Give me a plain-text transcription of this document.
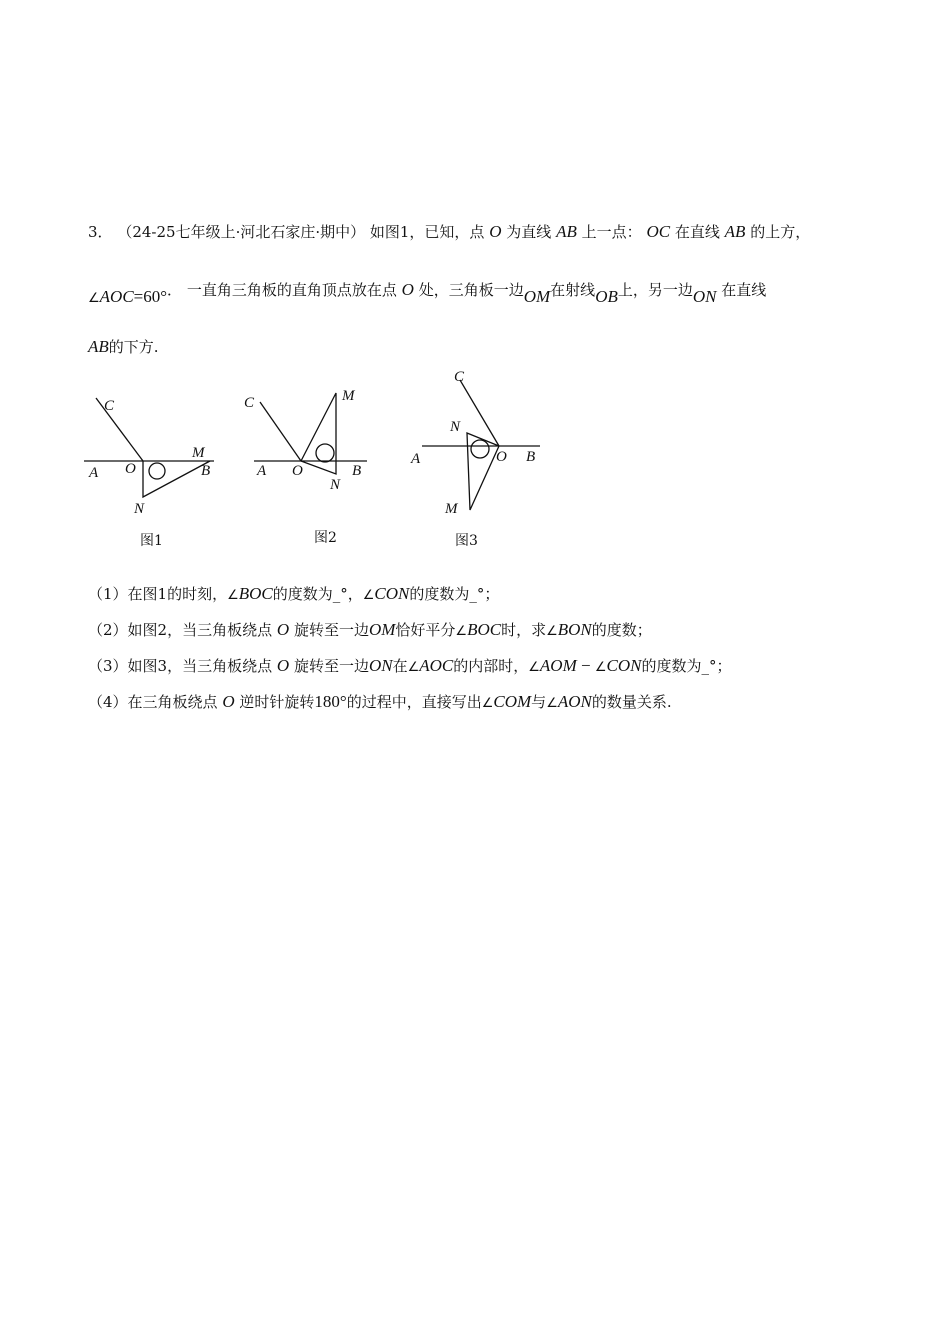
3． （24-25七年级上·河北石家庄·期中） 如图1，已知，点 O 为直线 AB 上一点： OC 在直线 AB 的上方，
∠AOC=60°． 一直角三角板的直角顶点放在点 O 处，三角板一边OM在射线OB上，另一边ON 在直线
AB的下方.
C
A O
M
B
N
C	M
A O	B
N
C
N
A	O B
M
图1	图2	图3
（1）在图1的时刻，∠BOC的度数为_°，∠CON的度数为_°；
（2）如图2，当三角板绕点 O 旋转至一边OM恰好平分∠BOC时，求∠BON的度数；
（3）如图3，当三角板绕点 O 旋转至一边ON在∠AOC的内部时，∠AOM − ∠CON的度数为_°；
（4）在三角板绕点 O 逆时针旋转180°的过程中，直接写出∠COM与∠AON的数量关系.
